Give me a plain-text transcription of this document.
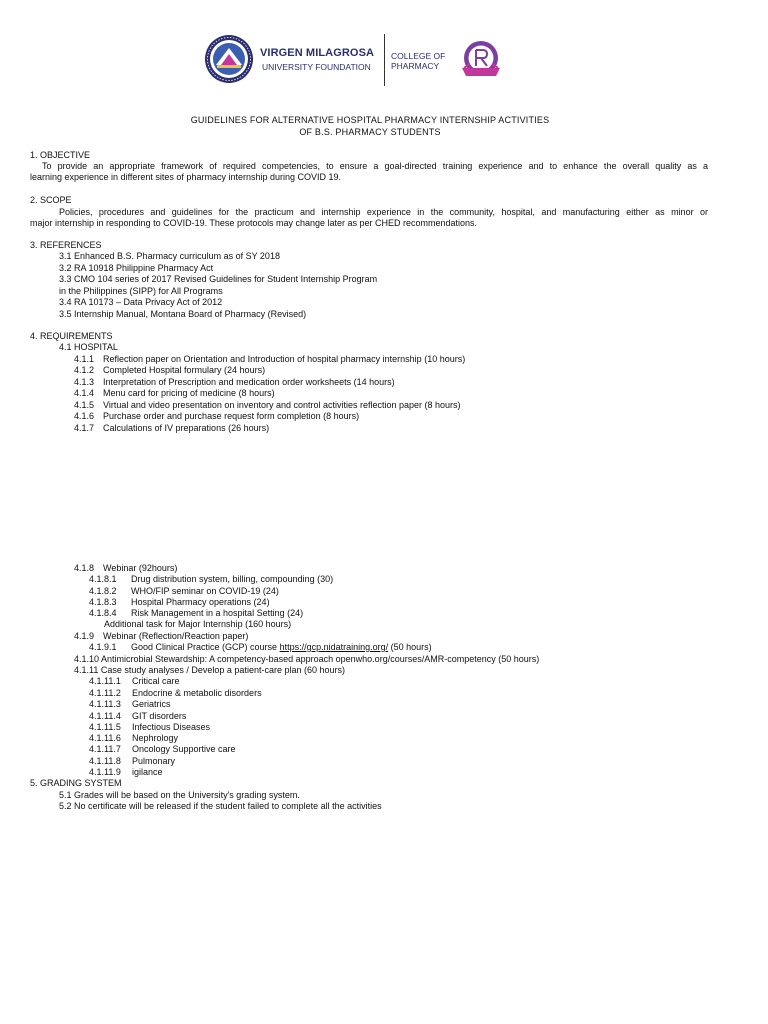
VIRGEN MILAGROSA
UNIVERSITY FOUNDATION
COLLEGE OF
PHARMACY
GUIDELINES FOR ALTERNATIVE HOSPITAL PHARMACY INTERNSHIP ACTIVITIES
OF B.S. PHARMACY STUDENTS
1. OBJECTIVE
To provide an appropriate framework of required competencies, to ensure a goal-directed training experience and to enhance the overall quality as a
learning experience in different sites of pharmacy internship during COVID 19.
2. SCOPE
Policies, procedures and guidelines for the practicum and internship experience in the community, hospital, and manufacturing either as minor or
major internship in responding to COVID-19. These protocols may change later as per CHED recommendations.
3. REFERENCES
3.1 Enhanced B.S. Pharmacy curriculum as of SY 2018
3.2 RA 10918 Philippine Pharmacy Act
3.3 CMO 104 series of 2017 Revised Guidelines for Student Internship Program
in the Philippines (SIPP) for All Programs
3.4 RA 10173 – Data Privacy Act of 2012
3.5 Internship Manual, Montana Board of Pharmacy (Revised)
4. REQUIREMENTS
4.1 HOSPITAL
4.1.1 Reflection paper on Orientation and Introduction of hospital pharmacy internship (10 hours)
4.1.2 Completed Hospital formulary (24 hours)
4.1.3 Interpretation of Prescription and medication order worksheets (14 hours)
4.1.4 Menu card for pricing of medicine (8 hours)
4.1.5 Virtual and video presentation on inventory and control activities reflection paper (8 hours)
4.1.6 Purchase order and purchase request form completion (8 hours)
4.1.7 Calculations of IV preparations (26 hours)
4.1.8 Webinar (92hours)
4.1.8.1 Drug distribution system, billing, compounding (30)
4.1.8.2 WHO/FIP seminar on COVID-19 (24)
4.1.8.3 Hospital Pharmacy operations (24)
4.1.8.4 Risk Management in a hospital Setting (24)
Additional task for Major Internship (160 hours)
4.1.9 Webinar (Reflection/Reaction paper)
4.1.9.1 Good Clinical Practice (GCP) course https://gcp.nidatraining.org/ (50 hours)
4.1.10 Antimicrobial Stewardship: A competency-based approach openwho.org/courses/AMR-competency (50 hours)
4.1.11 Case study analyses / Develop a patient-care plan (60 hours)
4.1.11.1 Critical care
4.1.11.2 Endocrine & metabolic disorders
4.1.11.3 Geriatrics
4.1.11.4 GIT disorders
4.1.11.5 Infectious Diseases
4.1.11.6 Nephrology
4.1.11.7 Oncology Supportive care
4.1.11.8 Pulmonary
4.1.11.9 igilance
5. GRADING SYSTEM
5.1 Grades will be based on the University's grading system.
5.2 No certificate will be released if the student failed to complete all the activities
